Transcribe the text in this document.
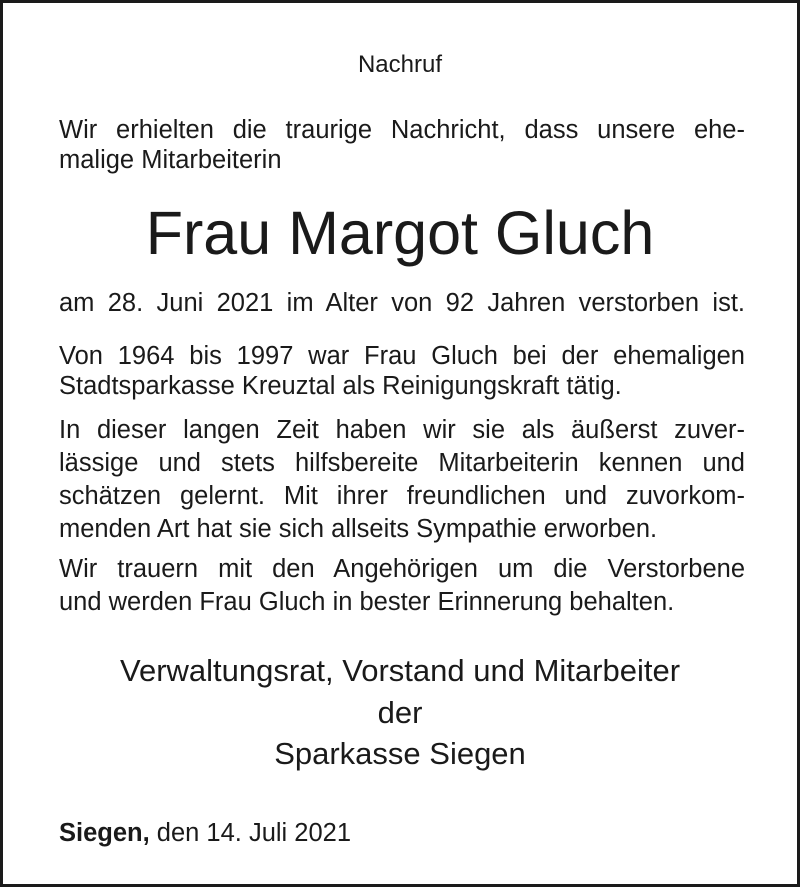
Nachruf

Wir erhielten die traurige Nachricht, dass unsere ehe-

malige Mitarbeiterin

Frau Margot Gluch

am 28. Juni 2021 im Alter von 92 Jahren verstorben ist.

Von 1964 bis 1997 war Frau Gluch bei der ehemaligen

Stadtsparkasse Kreuztal als Reinigungskraft tätig.

In dieser langen Zeit haben wir sie als äußerst zuver-

lässige und stets hilfsbereite Mitarbeiterin kennen und

schätzen gelernt. Mit ihrer freundlichen und zuvorkom-

menden Art hat sie sich allseits Sympathie erworben.

Wir trauern mit den Angehörigen um die Verstorbene

und werden Frau Gluch in bester Erinnerung behalten.

Verwaltungsrat, Vorstand und Mitarbeiter

der

Sparkasse Siegen

Siegen, den 14. Juli 2021
